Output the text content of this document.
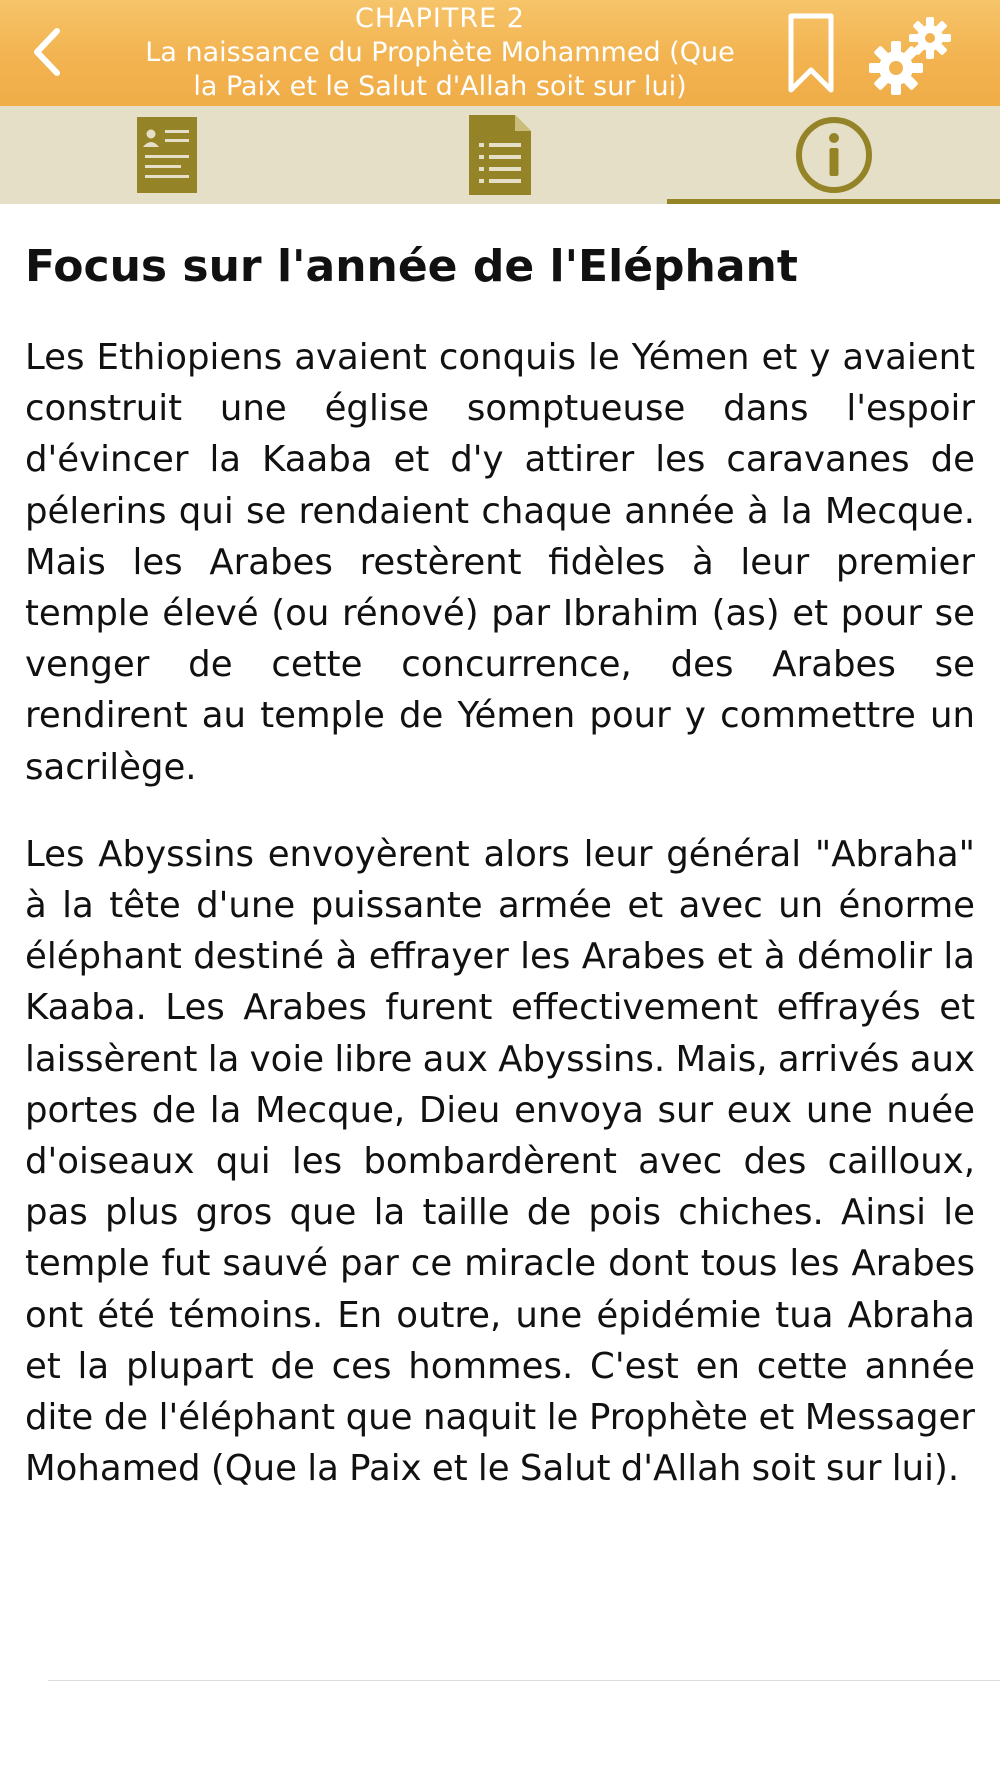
CHAPITRE 2
La naissance du Prophète Mohammed (Que
la Paix et le Salut d'Allah soit sur lui)
Focus sur l'année de l'Eléphant

Les Ethiopiens avaient conquis le Yémen et y avaient construit une église somptueuse dans l'espoir d'évincer la Kaaba et d'y attirer les caravanes de pélerins qui se rendaient chaque année à la Mecque. Mais les Arabes restèrent fidèles à leur premier temple élevé (ou rénové) par Ibrahim (as) et pour se venger de cette concurrence, des Arabes se rendirent au temple de Yémen pour y commettre un sacrilège.

Les Abyssins envoyèrent alors leur général "Abraha" à la tête d'une puissante armée et avec un énorme éléphant destiné à effrayer les Arabes et à démolir la Kaaba. Les Arabes furent effectivement effrayés et laissèrent la voie libre aux Abyssins. Mais, arrivés aux portes de la Mecque, Dieu envoya sur eux une nuée d'oiseaux qui les bombardèrent avec des cailloux, pas plus gros que la taille de pois chiches. Ainsi le temple fut sauvé par ce miracle dont tous les Arabes ont été témoins. En outre, une épidémie tua Abraha et la plupart de ces hommes. C'est en cette année dite de l'éléphant que naquit le Prophète et Messager Mohamed (Que la Paix et le Salut d'Allah soit sur lui).
